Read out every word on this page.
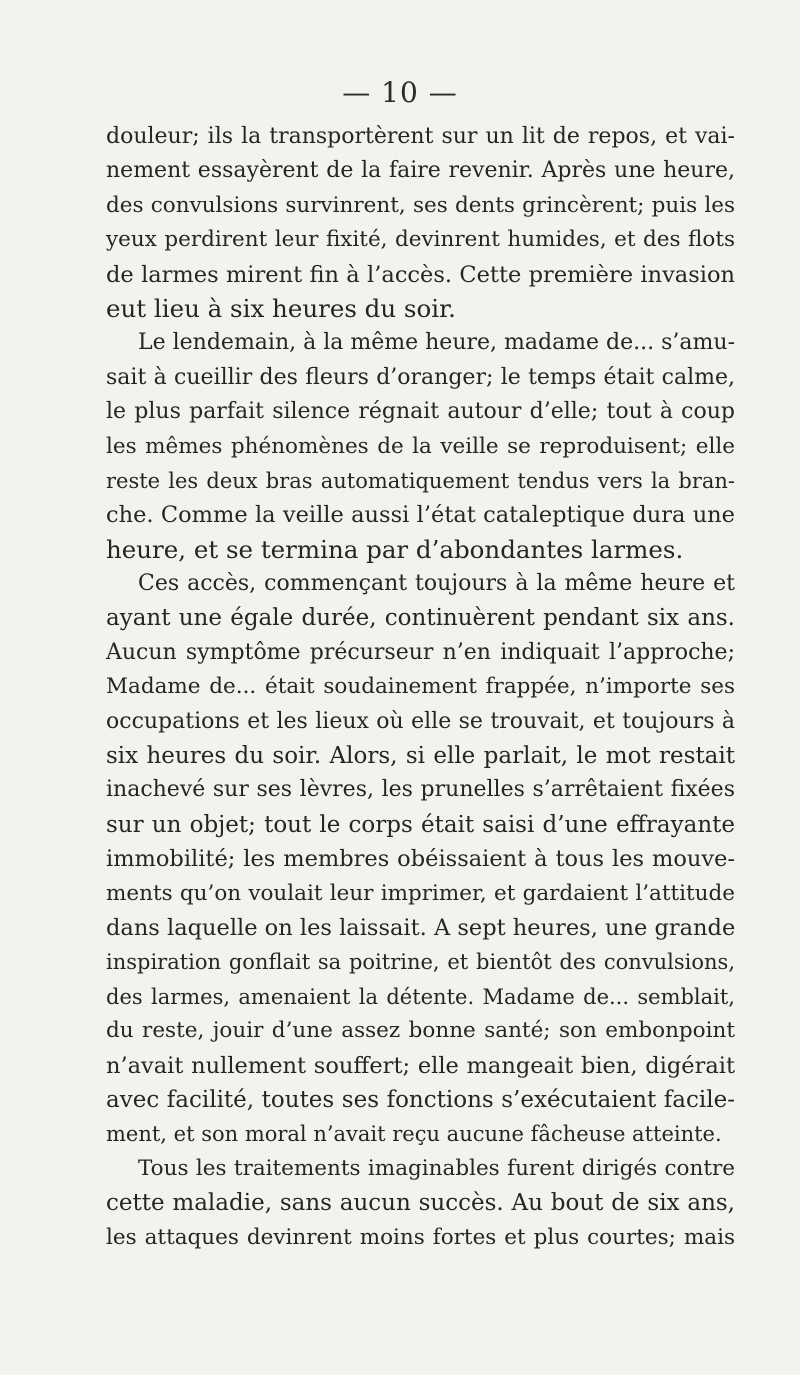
— 10 —
douleur; ils la transportèrent sur un lit de repos, et vai-
nement essayèrent de la faire revenir. Après une heure,
des convulsions survinrent, ses dents grincèrent; puis les
yeux perdirent leur fixité, devinrent humides, et des flots
de larmes mirent fin à l’accès. Cette première invasion
eut lieu à six heures du soir.
Le lendemain, à la même heure, madame de... s’amu-
sait à cueillir des fleurs d’oranger; le temps était calme,
le plus parfait silence régnait autour d’elle; tout à coup
les mêmes phénomènes de la veille se reproduisent; elle
reste les deux bras automatiquement tendus vers la bran-
che. Comme la veille aussi l’état cataleptique dura une
heure, et se termina par d’abondantes larmes.
Ces accès, commençant toujours à la même heure et
ayant une égale durée, continuèrent pendant six ans.
Aucun symptôme précurseur n’en indiquait l’approche;
Madame de... était soudainement frappée, n’importe ses
occupations et les lieux où elle se trouvait, et toujours à
six heures du soir. Alors, si elle parlait, le mot restait
inachevé sur ses lèvres, les prunelles s’arrêtaient fixées
sur un objet; tout le corps était saisi d’une effrayante
immobilité; les membres obéissaient à tous les mouve-
ments qu’on voulait leur imprimer, et gardaient l’attitude
dans laquelle on les laissait. A sept heures, une grande
inspiration gonflait sa poitrine, et bientôt des convulsions,
des larmes, amenaient la détente. Madame de... semblait,
du reste, jouir d’une assez bonne santé; son embonpoint
n’avait nullement souffert; elle mangeait bien, digérait
avec facilité, toutes ses fonctions s’exécutaient facile-
ment, et son moral n’avait reçu aucune fâcheuse atteinte.
Tous les traitements imaginables furent dirigés contre
cette maladie, sans aucun succès. Au bout de six ans,
les attaques devinrent moins fortes et plus courtes; mais
